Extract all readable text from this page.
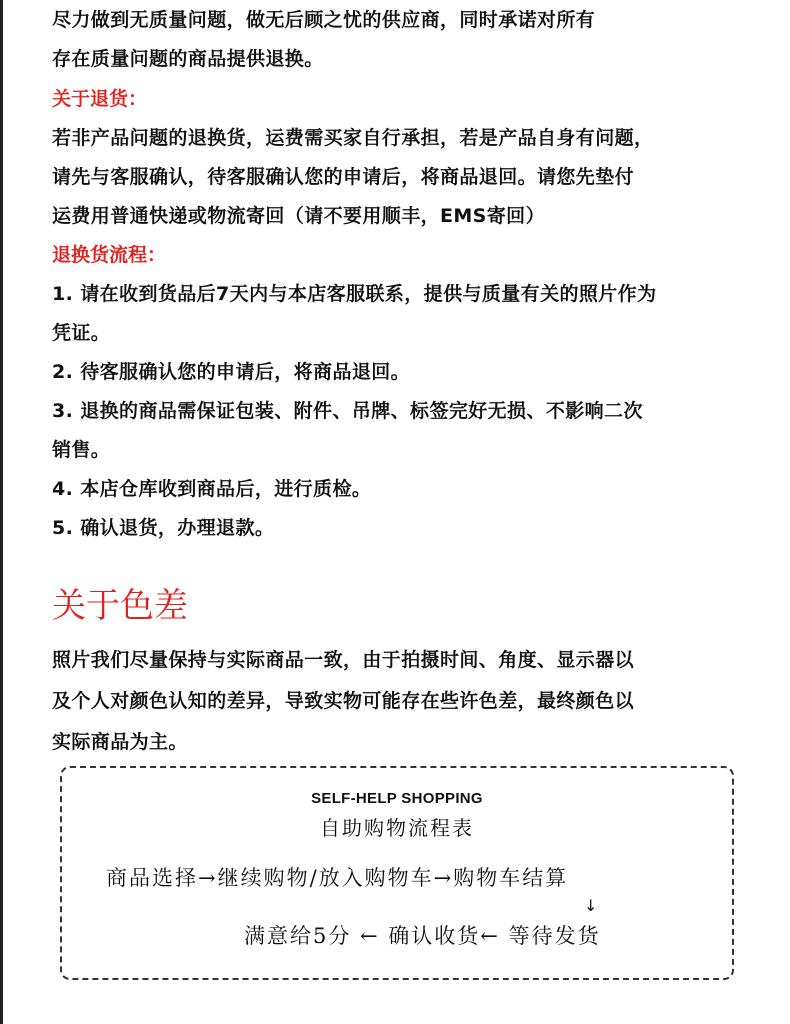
尽力做到无质量问题，做无后顾之忧的供应商，同时承诺对所有
存在质量问题的商品提供退换。
关于退货：
若非产品问题的退换货，运费需买家自行承担，若是产品自身有问题，
请先与客服确认，待客服确认您的申请后，将商品退回。请您先垫付
运费用普通快递或物流寄回（请不要用顺丰，EMS寄回）
退换货流程：
1. 请在收到货品后7天内与本店客服联系，提供与质量有关的照片作为
凭证。
2. 待客服确认您的申请后，将商品退回。
3. 退换的商品需保证包装、附件、吊牌、标签完好无损、不影响二次
销售。
4. 本店仓库收到商品后，进行质检。
5. 确认退货，办理退款。
关于色差
照片我们尽量保持与实际商品一致，由于拍摄时间、角度、显示器以
及个人对颜色认知的差异，导致实物可能存在些许色差，最终颜色以
实际商品为主。
SELF-HELP SHOPPING
自助购物流程表
商品选择→继续购物/放入购物车→购物车结算
↓
满意给5分 ← 确认收货← 等待发货
